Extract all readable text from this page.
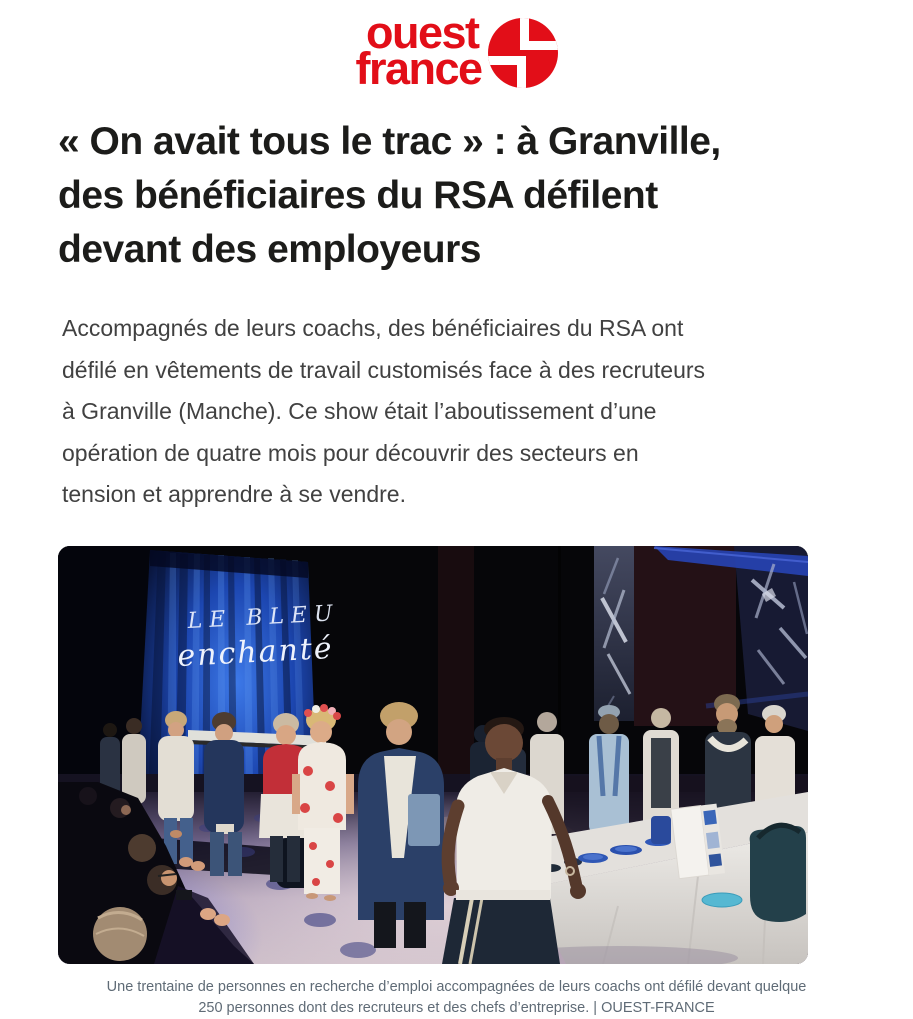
ouest
france
« On avait tous le trac » : à Granville,
des bénéficiaires du RSA défilent
devant des employeurs

Accompagnés de leurs coachs, des bénéficiaires du RSA ont
défilé en vêtements de travail customisés face à des recruteurs
à Granville (Manche). Ce show était l’aboutissement d’une
opération de quatre mois pour découvrir des secteurs en
tension et apprendre à se vendre.

LE BLEU
enchanté
Une trentaine de personnes en recherche d’emploi accompagnées de leurs coachs ont défilé devant quelque
250 personnes dont des recruteurs et des chefs d’entreprise. | OUEST-FRANCE
